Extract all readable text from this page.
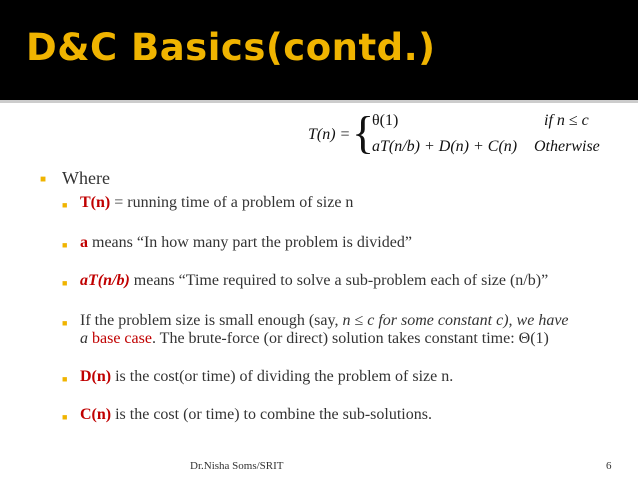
D&C Basics(contd.)
T(n) = {
θ(1)
aT(n/b) + D(n) + C(n)
if n ≤ c
Otherwise
■ Where
■ T(n) = running time of a problem of size n
■ a means “In how many part the problem is divided”
■ aT(n/b) means “Time required to solve a sub-problem each of size (n/b)”
■ If the problem size is small enough (say, n ≤ c for some constant c), we have
a base case. The brute-force (or direct) solution takes constant time: Θ(1)
■ D(n) is the cost(or time) of dividing the problem of size n.
■ C(n) is the cost (or time) to combine the sub-solutions.
Dr.Nisha Soms/SRIT	6
